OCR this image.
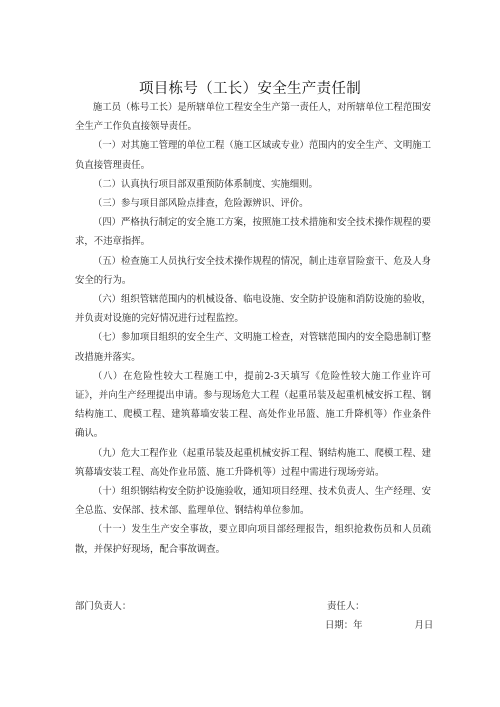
项目栋号（工长）安全生产责任制

施工员（栋号工长）是所辖单位工程安全生产第一责任人，对所辖单位工程范围安全生产工作负直接领导责任。

（一）对其施工管理的单位工程（施工区域或专业）范围内的安全生产、文明施工负直接管理责任。

（二）认真执行项目部双重预防体系制度、实施细则。

（三）参与项目部风险点排查，危险源辨识、评价。

（四）严格执行制定的安全施工方案，按照施工技术措施和安全技术操作规程的要求，不违章指挥。

（五）检查施工人员执行安全技术操作规程的情况，制止违章冒险蛮干、危及人身安全的行为。

（六）组织管辖范围内的机械设备、临电设施、安全防护设施和消防设施的验收，并负责对设施的完好情况进行过程监控。

（七）参加项目组织的安全生产、文明施工检查，对管辖范围内的安全隐患制订整改措施并落实。

（八）在危险性较大工程施工中，提前2-3天填写《危险性较大施工作业许可证》，并向生产经理提出申请。参与现场危大工程（起重吊装及起重机械安拆工程、钢结构施工、爬模工程、建筑幕墙安装工程、高处作业吊篮、施工升降机等）作业条件确认。

（九）危大工程作业（起重吊装及起重机械安拆工程、钢结构施工、爬模工程、建筑幕墙安装工程、高处作业吊篮、施工升降机等）过程中需进行现场旁站。

（十）组织钢结构安全防护设施验收，通知项目经理、技术负责人、生产经理、安全总监、安保部、技术部、监理单位、钢结构单位参加。

（十一）发生生产安全事故，要立即向项目部经理报告，组织抢救伤员和人员疏散，并保护好现场，配合事故调查。

部门负责人：	责任人：
日期：年	月日
